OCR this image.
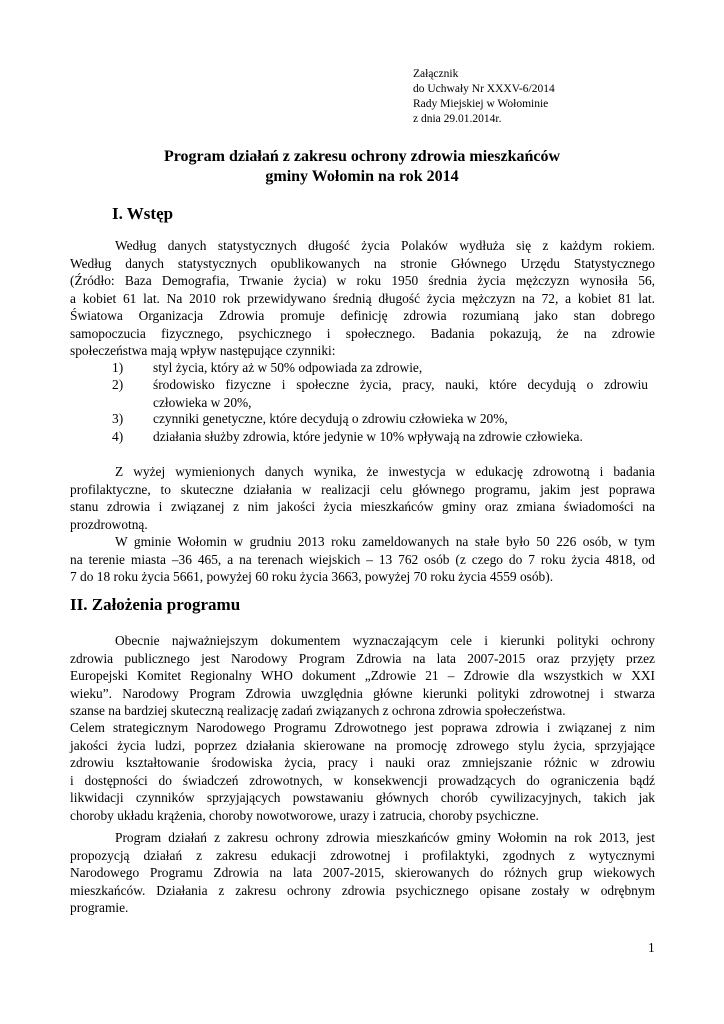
Załącznik
do Uchwały Nr XXXV-6/2014
Rady Miejskiej w Wołominie
z dnia 29.01.2014r.
Program działań z zakresu ochrony zdrowia mieszkańców
gminy Wołomin na rok 2014
I. Wstęp
Według danych statystycznych długość życia Polaków wydłuża się z każdym rokiem.
Według danych statystycznych opublikowanych na stronie Głównego Urzędu Statystycznego
(Źródło: Baza Demografia, Trwanie życia) w roku 1950 średnia życia mężczyzn wynosiła 56,
a kobiet 61 lat. Na 2010 rok przewidywano średnią długość życia mężczyzn na 72, a kobiet 81 lat.
Światowa Organizacja Zdrowia promuje definicję zdrowia rozumianą jako stan dobrego
samopoczucia fizycznego, psychicznego i społecznego. Badania pokazują, że na zdrowie
społeczeństwa mają wpływ następujące czynniki:
1) styl życia, który aż w 50% odpowiada za zdrowie,
2) środowisko fizyczne i społeczne życia, pracy, nauki, które decydują o zdrowiu
człowieka w 20%,
3) czynniki genetyczne, które decydują o zdrowiu człowieka w 20%,
4) działania służby zdrowia, które jedynie w 10% wpływają na zdrowie człowieka.
Z wyżej wymienionych danych wynika, że inwestycja w edukację zdrowotną i badania
profilaktyczne, to skuteczne działania w realizacji celu głównego programu, jakim jest poprawa
stanu zdrowia i związanej z nim jakości życia mieszkańców gminy oraz zmiana świadomości na
prozdrowotną.
W gminie Wołomin w grudniu 2013 roku zameldowanych na stałe było 50 226 osób, w tym
na terenie miasta –36 465, a na terenach wiejskich – 13 762 osób (z czego do 7 roku życia 4818, od
7 do 18 roku życia 5661, powyżej 60 roku życia 3663, powyżej 70 roku życia 4559 osób).
II. Założenia programu
Obecnie najważniejszym dokumentem wyznaczającym cele i kierunki polityki ochrony
zdrowia publicznego jest Narodowy Program Zdrowia na lata 2007-2015 oraz przyjęty przez
Europejski Komitet Regionalny WHO dokument „Zdrowie 21 – Zdrowie dla wszystkich w XXI
wieku”. Narodowy Program Zdrowia uwzględnia główne kierunki polityki zdrowotnej i stwarza
szanse na bardziej skuteczną realizację zadań związanych z ochrona zdrowia społeczeństwa.
Celem strategicznym Narodowego Programu Zdrowotnego jest poprawa zdrowia i związanej z nim
jakości życia ludzi, poprzez działania skierowane na promocję zdrowego stylu życia, sprzyjające
zdrowiu kształtowanie środowiska życia, pracy i nauki oraz zmniejszanie różnic w zdrowiu
i dostępności do świadczeń zdrowotnych, w konsekwencji prowadzących do ograniczenia bądź
likwidacji czynników sprzyjających powstawaniu głównych chorób cywilizacyjnych, takich jak
choroby układu krążenia, choroby nowotworowe, urazy i zatrucia, choroby psychiczne.
Program działań z zakresu ochrony zdrowia mieszkańców gminy Wołomin na rok 2013, jest
propozycją działań z zakresu edukacji zdrowotnej i profilaktyki, zgodnych z wytycznymi
Narodowego Programu Zdrowia na lata 2007-2015, skierowanych do różnych grup wiekowych
mieszkańców. Działania z zakresu ochrony zdrowia psychicznego opisane zostały w odrębnym
programie.
1
